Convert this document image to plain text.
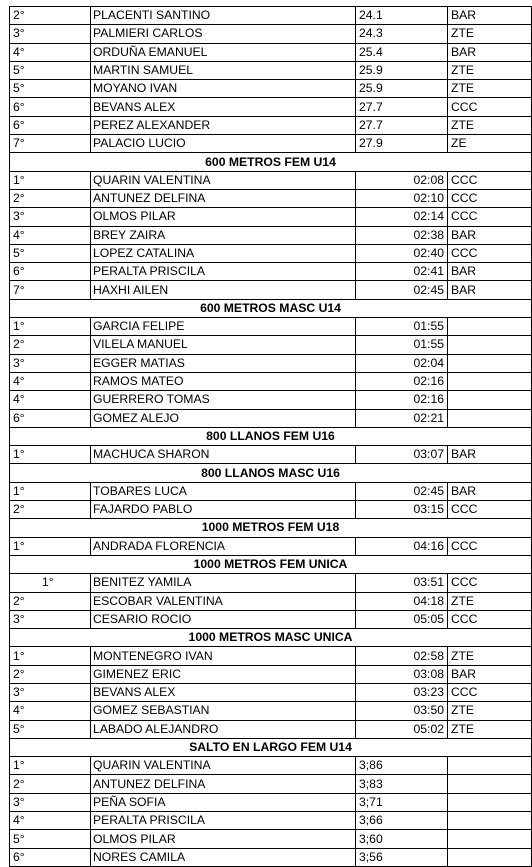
2°	PLACENTI SANTINO	24.1	BAR
3°	PALMIERI CARLOS	24.3	ZTE
4°	ORDUÑA EMANUEL	25.4	BAR
5°	MARTIN SAMUEL	25.9	ZTE
5°	MOYANO IVAN	25.9	ZTE
6°	BEVANS ALEX	27.7	CCC
6°	PEREZ ALEXANDER	27.7	ZTE
7°	PALACIO LUCIO	27.9	ZE
600 METROS FEM U14			
1°	QUARIN VALENTINA	02:08	CCC
2°	ANTUNEZ DELFINA	02:10	CCC
3°	OLMOS PILAR	02:14	CCC
4°	BREY ZAIRA	02:38	BAR
5°	LOPEZ CATALINA	02:40	CCC
6°	PERALTA PRISCILA	02:41	BAR
7°	HAXHI AILEN	02:45	BAR
600 METROS MASC U14			
1°	GARCIA FELIPE	01:55	
2°	VILELA MANUEL	01:55	
3°	EGGER MATIAS	02:04	
4°	RAMOS MATEO	02:16	
4°	GUERRERO TOMAS	02:16	
6°	GOMEZ ALEJO	02:21	
800 LLANOS FEM U16			
1°	MACHUCA SHARON	03:07	BAR
800 LLANOS MASC U16			
1°	TOBARES LUCA	02:45	BAR
2°	FAJARDO PABLO	03:15	CCC
1000 METROS FEM U18			
1°	ANDRADA FLORENCIA	04:16	CCC
1000 METROS FEM UNICA			
1°	BENITEZ YAMILA	03:51	CCC
2°	ESCOBAR VALENTINA	04:18	ZTE
3°	CESARIO ROCIO	05:05	CCC
1000 METROS MASC UNICA			
1°	MONTENEGRO IVAN	02:58	ZTE
2°	GIMENEZ ERIC	03:08	BAR
3°	BEVANS ALEX	03:23	CCC
4°	GOMEZ SEBASTIAN	03:50	ZTE
5°	LABADO ALEJANDRO	05:02	ZTE
SALTO EN LARGO FEM U14			
1°	QUARIN VALENTINA	3;86	
2°	ANTUNEZ DELFINA	3;83	
3°	PEÑA SOFIA	3;71	
4°	PERALTA PRISCILA	3;66	
5°	OLMOS PILAR	3;60	
6°	NORES CAMILA	3;56	
